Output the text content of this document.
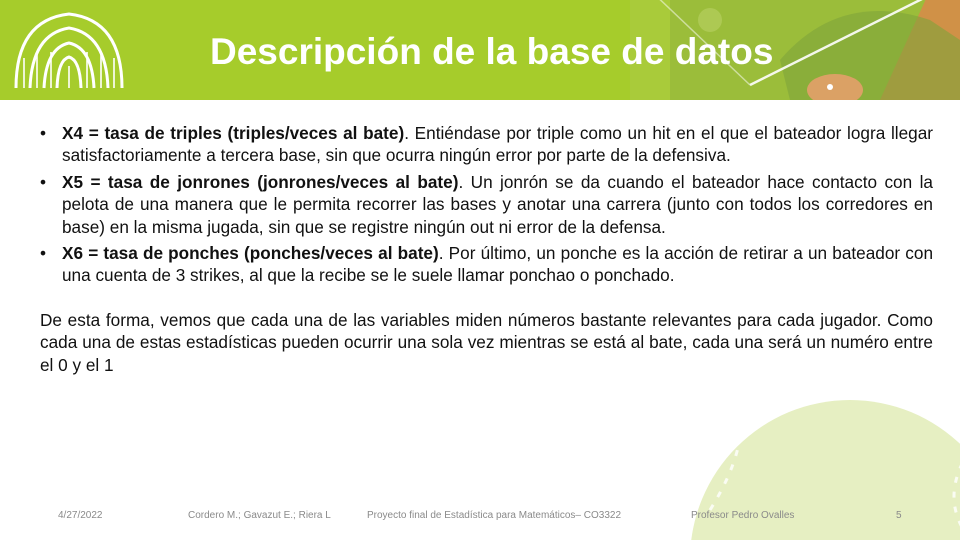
Descripción de la base de datos
• X4 = tasa de triples (triples/veces al bate). Entiéndase por triple como un hit en el que el bateador logra llegar satisfactoriamente a tercera base, sin que ocurra ningún error por parte de la defensiva.
• X5 = tasa de jonrones (jonrones/veces al bate). Un jonrón se da cuando el bateador hace contacto con la pelota de una manera que le permita recorrer las bases y anotar una carrera (junto con todos los corredores en base) en la misma jugada, sin que se registre ningún out ni error de la defensa.
• X6 = tasa de ponches (ponches/veces al bate). Por último, un ponche es la acción de retirar a un bateador con una cuenta de 3 strikes, al que la recibe se le suele llamar ponchao o ponchado.

De esta forma, vemos que cada una de las variables miden números bastante relevantes para cada jugador. Como cada una de estas estadísticas pueden ocurrir una sola vez mientras se está al bate, cada una será un numéro entre el 0 y el 1

4/27/2022	Cordero M.; Gavazut E.; Riera L	Proyecto final de Estadística para Matemáticos– CO3322	Profesor Pedro Ovalles	5
